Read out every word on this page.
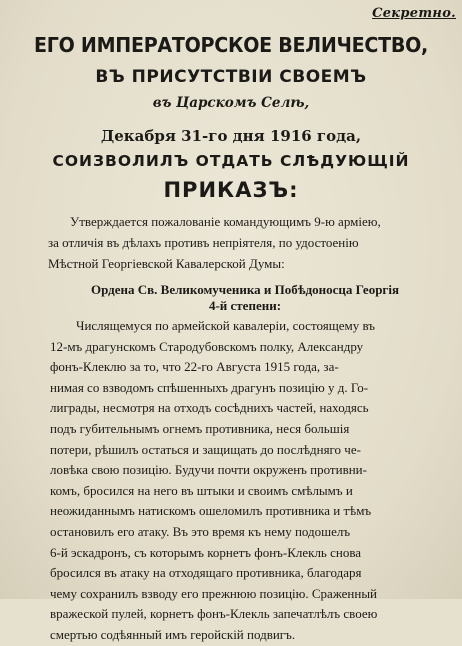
Секретно.
ЕГО ИМПЕРАТОРСКОЕ ВЕЛИЧЕСТВО,
ВЪ ПРИСУТСТВІИ СВОЕМЪ
въ Царскомъ Селѣ,
Декабря 31-го дня 1916 года,
СОИЗВОЛИЛЪ ОТДАТЬ СЛѢДУЮЩІЙ
ПРИКАЗЪ:
Утверждается пожалованіе командующимъ 9-ю арміею,
за отличія въ дѣлахъ противъ непріятеля, по удостоенію
Мѣстной Георгіевской Кавалерской Думы:
Ордена Св. Великомученика и Побѣдоносца Георгія
4-й степени:
Числящемуся по армейской кавалеріи, состоящему въ
12-мъ драгунскомъ Стародубовскомъ полку, Александру
фонъ-Клеклю за то, что 22-го Августа 1915 года, за-
нимая со взводомъ спѣшенныхъ драгунъ позицію у д. Го-
лиграды, несмотря на отходъ сосѣднихъ частей, находясь
подъ губительнымъ огнемъ противника, неся большія
потери, рѣшилъ остаться и защищать до послѣдняго че-
ловѣка свою позицію. Будучи почти окруженъ противни-
комъ, бросился на него въ штыки и своимъ смѣлымъ и
неожиданнымъ натискомъ ошеломилъ противника и тѣмъ
остановилъ его атаку. Въ это время къ нему подошелъ
6-й эскадронъ, съ которымъ корнетъ фонъ-Клекль снова
бросился въ атаку на отходящаго противника, благодаря
чему сохранилъ взводу его прежнюю позицію. Сраженный
вражеской пулей, корнетъ фонъ-Клекль запечатлѣлъ своею
смертью содѣянный имъ геройскій подвигъ.
